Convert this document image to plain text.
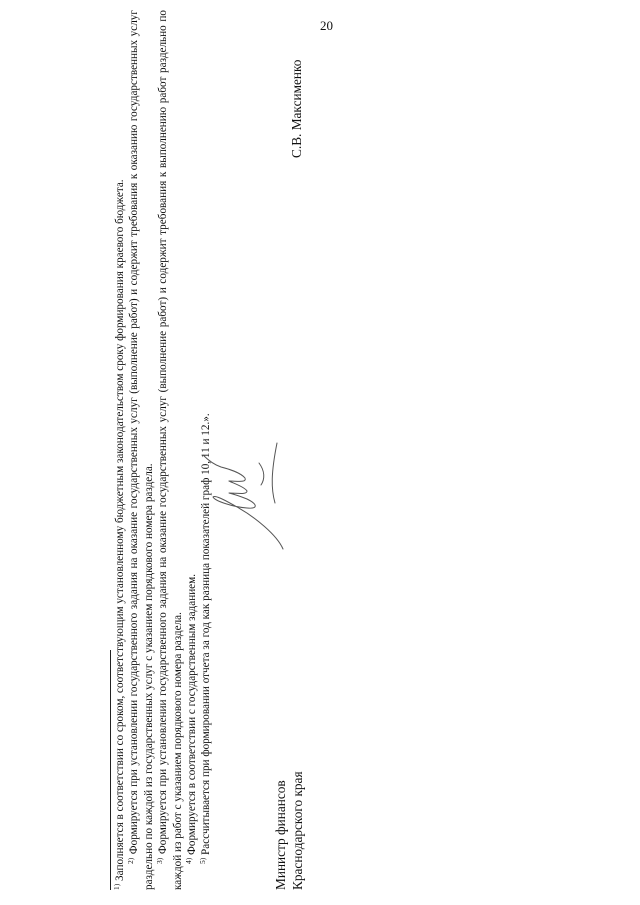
20

$^{1)}$ Заполняется в соответствии со сроком, соответствующим установленному бюджетным законодательством сроку формирования краевого бюджета. $^{2)}$ Формируется при установлении государственного задания на оказание государственных услуг (выполнение работ) и содержит требования к оказанию государственных услуг раздельно по каждой из государственных услуг с указанием порядкового номера раздела. $^{3)}$ Формируется при установлении государственного задания на оказание государственных услуг (выполнение работ) и содержит требования к выполнению работ раздельно по каждой из работ с указанием порядкового номера раздела. $^{4)}$ Формируется в соответствии с государственным заданием.

$^{5)}$ Рассчитывается при формировании отчета за год как разница показателей граф 10, 11 и 12.».	Министр финансов Краснодарского края
С.В. Максименко
